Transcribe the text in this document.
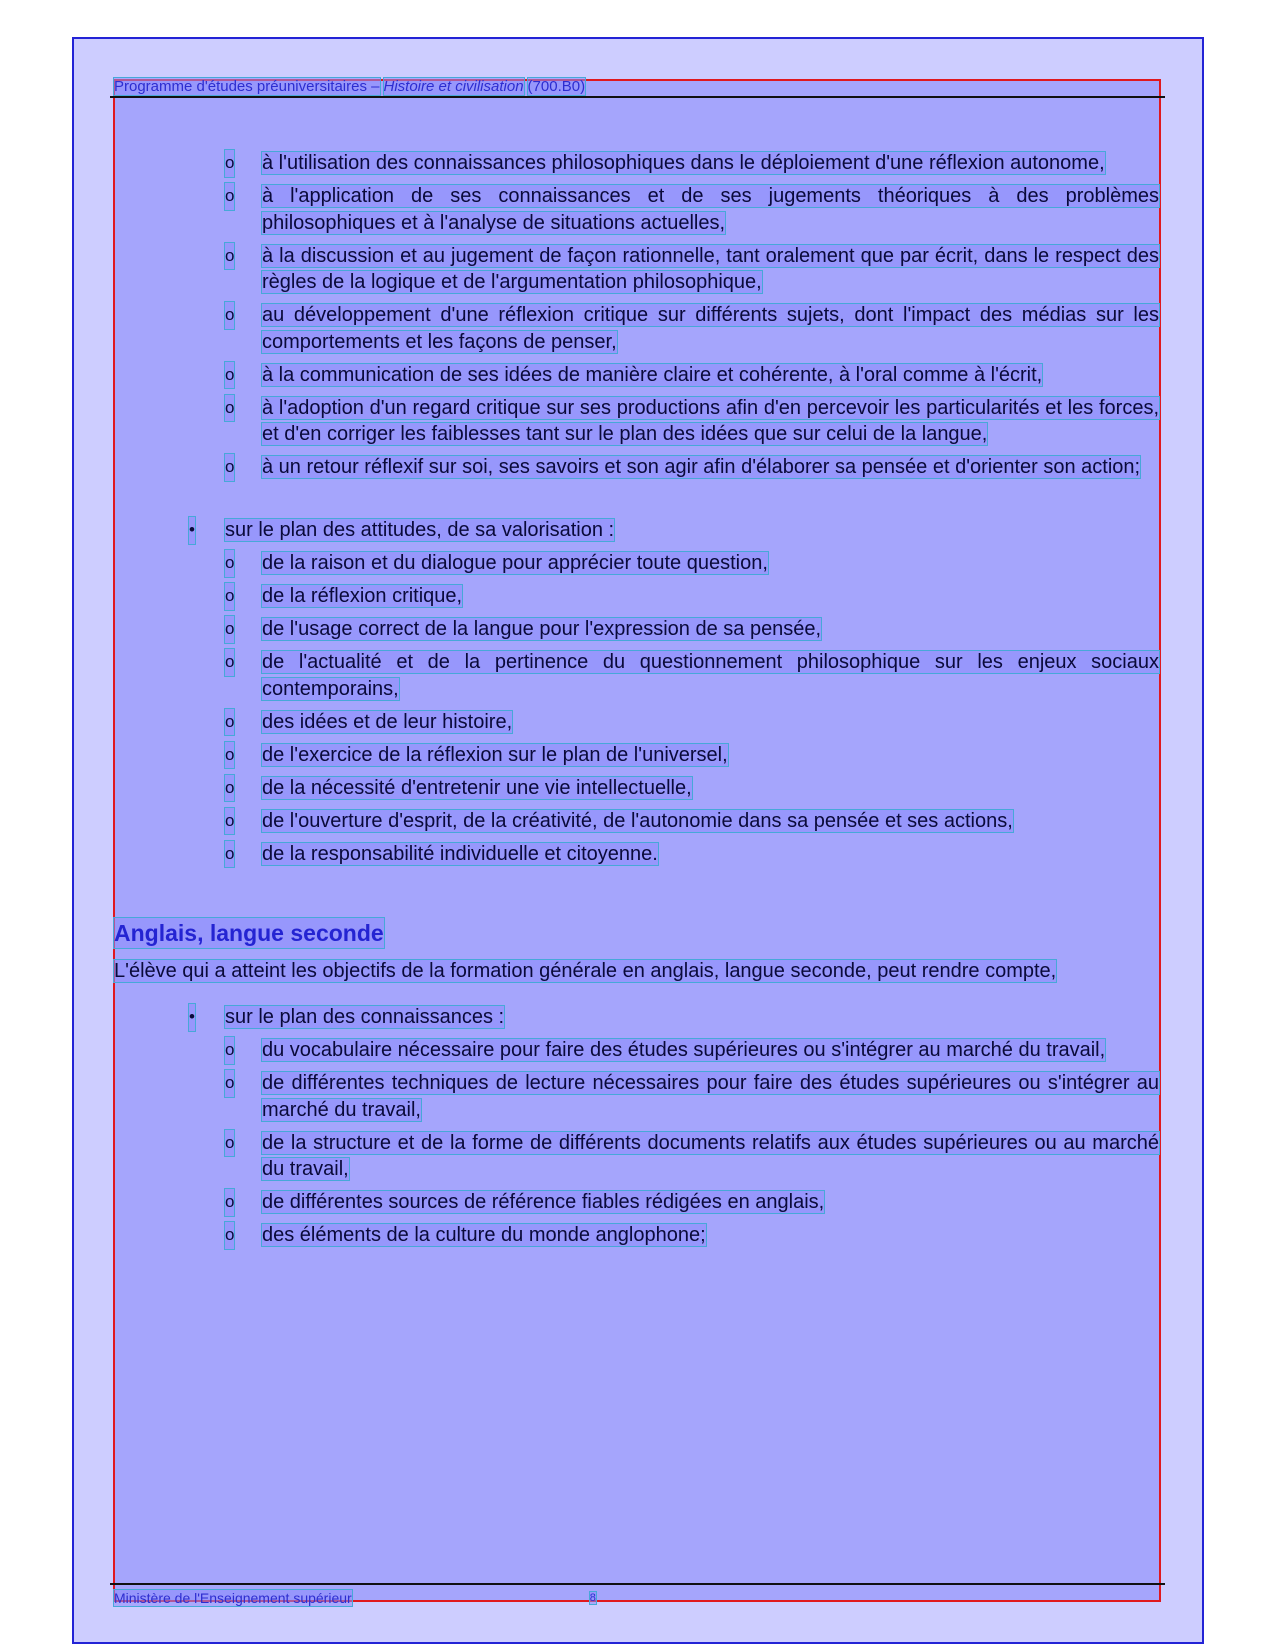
Programme d'études préuniversitaires – Histoire et civilisation (700.B0)
o à l'utilisation des connaissances philosophiques dans le déploiement d'une réflexion autonome,
o à l'application de ses connaissances et de ses jugements théoriques à des problèmes philosophiques et à l'analyse de situations actuelles,
o à la discussion et au jugement de façon rationnelle, tant oralement que par écrit, dans le respect des règles de la logique et de l'argumentation philosophique,
o au développement d'une réflexion critique sur différents sujets, dont l'impact des médias sur les comportements et les façons de penser,
o à la communication de ses idées de manière claire et cohérente, à l'oral comme à l'écrit,
o à l'adoption d'un regard critique sur ses productions afin d'en percevoir les particularités et les forces, et d'en corriger les faiblesses tant sur le plan des idées que sur celui de la langue,
o à un retour réflexif sur soi, ses savoirs et son agir afin d'élaborer sa pensée et d'orienter son action;
• sur le plan des attitudes, de sa valorisation :
o de la raison et du dialogue pour apprécier toute question,
o de la réflexion critique,
o de l'usage correct de la langue pour l'expression de sa pensée,
o de l'actualité et de la pertinence du questionnement philosophique sur les enjeux sociaux contemporains,
o des idées et de leur histoire,
o de l'exercice de la réflexion sur le plan de l'universel,
o de la nécessité d'entretenir une vie intellectuelle,
o de l'ouverture d'esprit, de la créativité, de l'autonomie dans sa pensée et ses actions,
o de la responsabilité individuelle et citoyenne.
Anglais, langue seconde
L'élève qui a atteint les objectifs de la formation générale en anglais, langue seconde, peut rendre compte,
• sur le plan des connaissances :
o du vocabulaire nécessaire pour faire des études supérieures ou s'intégrer au marché du travail,
o de différentes techniques de lecture nécessaires pour faire des études supérieures ou s'intégrer au marché du travail,
o de la structure et de la forme de différents documents relatifs aux études supérieures ou au marché du travail,
o de différentes sources de référence fiables rédigées en anglais,
o des éléments de la culture du monde anglophone;
Ministère de l'Enseignement supérieur	8
